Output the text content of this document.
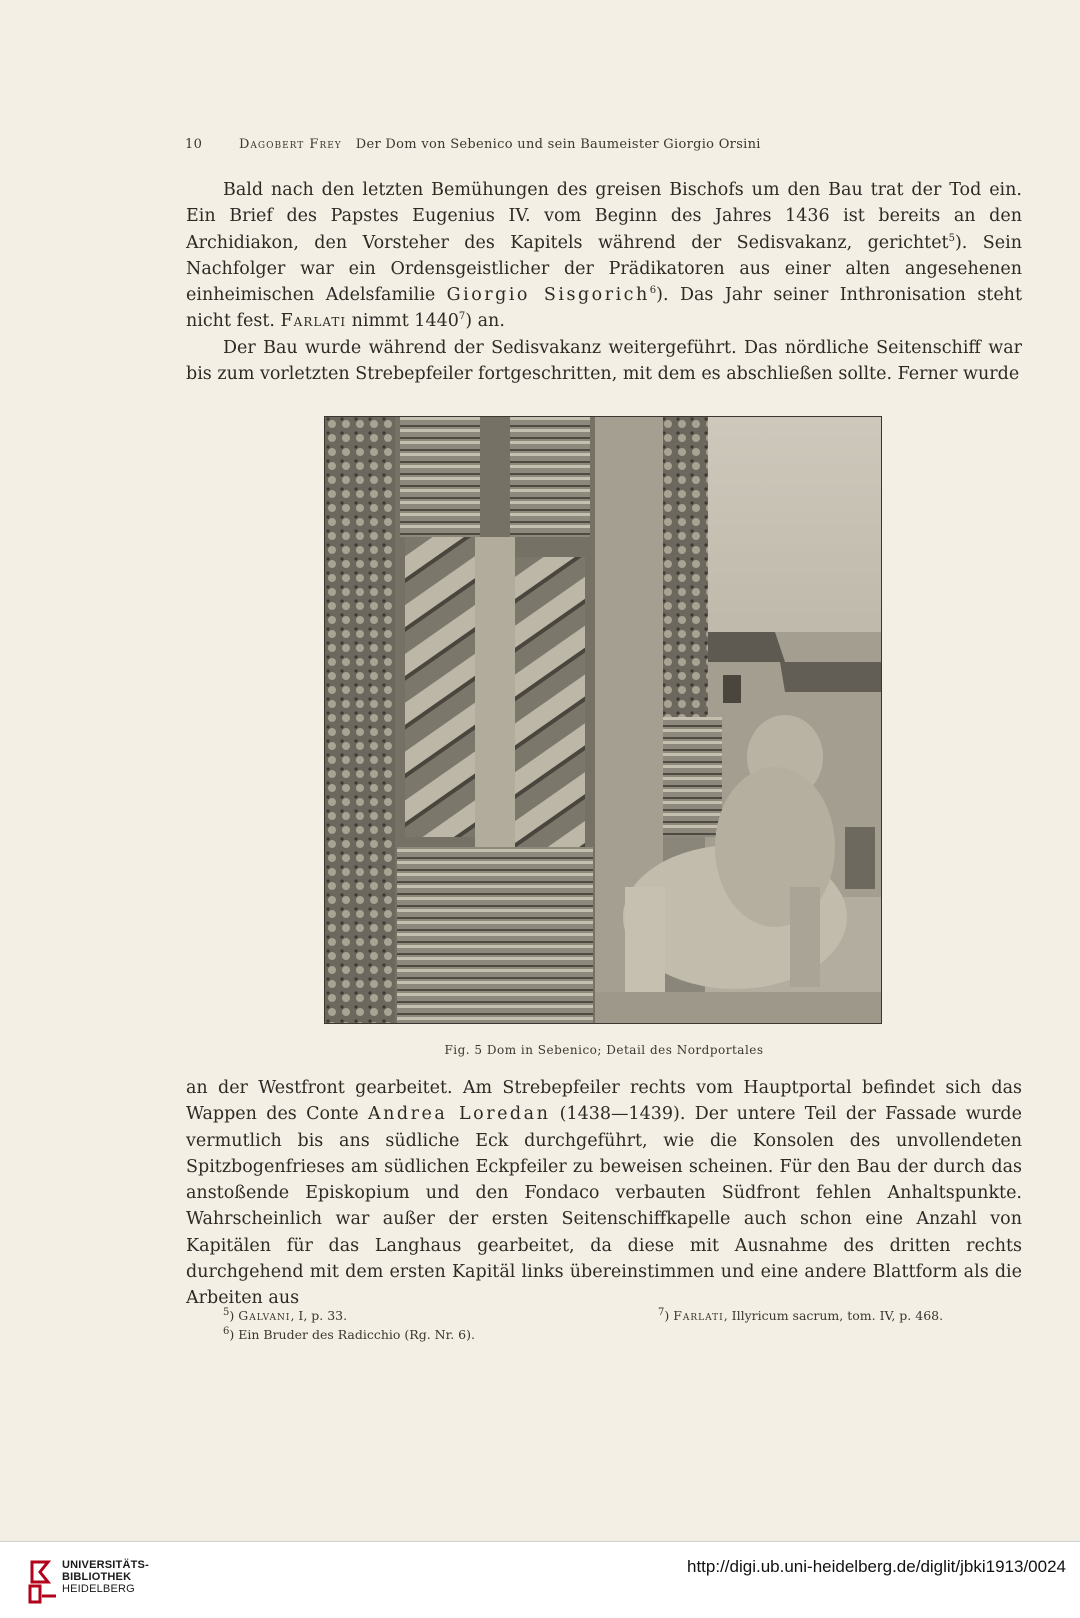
10	Dagobert Frey Der Dom von Sebenico und sein Baumeister Giorgio Orsini

Bald nach den letzten Bemühungen des greisen Bischofs um den Bau trat der Tod ein. Ein Brief des Papstes Eugenius IV. vom Beginn des Jahres 1436 ist bereits an den Archidiakon, den Vorsteher des Kapitels während der Sedisvakanz, gerichtet$^5$). Sein Nachfolger war ein Ordensgeistlicher der Prädikatoren aus einer alten angesehenen einheimischen Adelsfamilie Giorgio Sisgorich$^6$). Das Jahr seiner Inthronisation steht nicht fest. Farlati nimmt 1440$^7$) an.

Der Bau wurde während der Sedisvakanz weitergeführt. Das nördliche Seitenschiff war bis zum vorletzten Strebepfeiler fortgeschritten, mit dem es abschließen sollte. Ferner wurde

Fig. 5 Dom in Sebenico; Detail des Nordportales

an der Westfront gearbeitet. Am Strebepfeiler rechts vom Hauptportal befindet sich das Wappen des Conte Andrea Loredan (1438—1439). Der untere Teil der Fassade wurde vermutlich bis ans südliche Eck durchgeführt, wie die Konsolen des unvollendeten Spitzbogenfrieses am südlichen Eckpfeiler zu beweisen scheinen. Für den Bau der durch das anstoßende Episkopium und den Fondaco verbauten Südfront fehlen Anhaltspunkte. Wahrscheinlich war außer der ersten Seitenschiffkapelle auch schon eine Anzahl von Kapitälen für das Langhaus gearbeitet, da diese mit Ausnahme des dritten rechts durchgehend mit dem ersten Kapitäl links übereinstimmen und eine andere Blattform als die Arbeiten aus

$^5$) Galvani, I, p. 33.	$^7$) Farlati, Illyricum sacrum, tom. IV, p. 468.
$^6$) Ein Bruder des Radicchio (Rg. Nr. 6).
UNIVERSITÄTS-
BIBLIOTHEK
HEIDELBERG
http://digi.ub.uni-heidelberg.de/diglit/jbki1913/0024
